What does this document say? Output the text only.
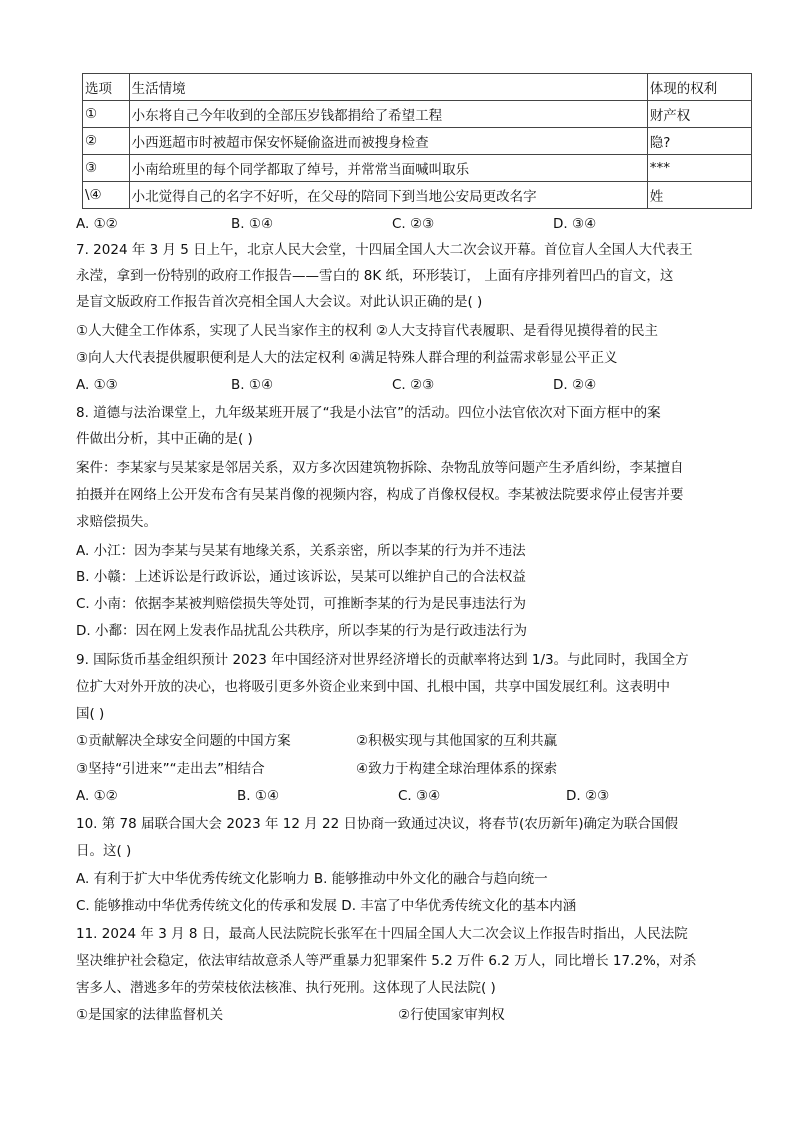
选项	生活情境	体现的权利
①	小东将自己今年收到的全部压岁钱都捐给了希望工程	财产权
②	小西逛超市时被超市保安怀疑偷盗进而被搜身检查	隐?
③	小南给班里的每个同学都取了绰号，并常常当面喊叫取乐	***
\④	小北觉得自己的名字不好听，在父母的陪同下到当地公安局更改名字	姓
A. ①②	B. ①④	C. ②③	D. ③④
7. 2024 年 3 月 5 日上午，北京人民大会堂，十四届全国人大二次会议开幕。首位盲人全国人大代表王
永滢，拿到一份特别的政府工作报告——雪白的 8K 纸，环形装订， 上面有序排列着凹凸的盲文，这
是盲文版政府工作报告首次亮相全国人大会议。对此认识正确的是( )
①人大健全工作体系，实现了人民当家作主的权利 ②人大支持盲代表履职、是看得见摸得着的民主
③向人大代表提供履职便利是人大的法定权利 ④满足特殊人群合理的利益需求彰显公平正义
A. ①③	B. ①④	C. ②③	D. ②④
8. 道德与法治课堂上，九年级某班开展了“我是小法官”的活动。四位小法官依次对下面方框中的案
件做出分析，其中正确的是( )
案件：李某家与吴某家是邻居关系，双方多次因建筑物拆除、杂物乱放等问题产生矛盾纠纷，李某擅自
拍摄并在网络上公开发布含有吴某肖像的视频内容，构成了肖像权侵权。李某被法院要求停止侵害并要
求赔偿损失。
A. 小江：因为李某与吴某有地缘关系，关系亲密，所以李某的行为并不违法
B. 小赣：上述诉讼是行政诉讼，通过该诉讼，吴某可以维护自己的合法权益
C. 小南：依据李某被判赔偿损失等处罚，可推断李某的行为是民事违法行为
D. 小鄱：因在网上发表作品扰乱公共秩序，所以李某的行为是行政违法行为
9. 国际货币基金组织预计 2023 年中国经济对世界经济增长的贡献率将达到 1/3。与此同时，我国全方
位扩大对外开放的决心，也将吸引更多外资企业来到中国、扎根中国，共享中国发展红利。这表明中
国( )
①贡献解决全球安全问题的中国方案	②积极实现与其他国家的互利共赢
③坚持“引进来”“走出去”相结合	④致力于构建全球治理体系的探索
A. ①②	B. ①④	C. ③④	D. ②③
10. 第 78 届联合国大会 2023 年 12 月 22 日协商一致通过决议，将春节(农历新年)确定为联合国假
日。这( )
A. 有利于扩大中华优秀传统文化影响力 B. 能够推动中外文化的融合与趋向统一
C. 能够推动中华优秀传统文化的传承和发展 D. 丰富了中华优秀传统文化的基本内涵
11. 2024 年 3 月 8 日，最高人民法院院长张军在十四届全国人大二次会议上作报告时指出，人民法院
坚决维护社会稳定，依法审结故意杀人等严重暴力犯罪案件 5.2 万件 6.2 万人，同比增长 17.2%，对杀
害多人、潜逃多年的劳荣枝依法核准、执行死刑。这体现了人民法院( )
①是国家的法律监督机关	②行使国家审判权
